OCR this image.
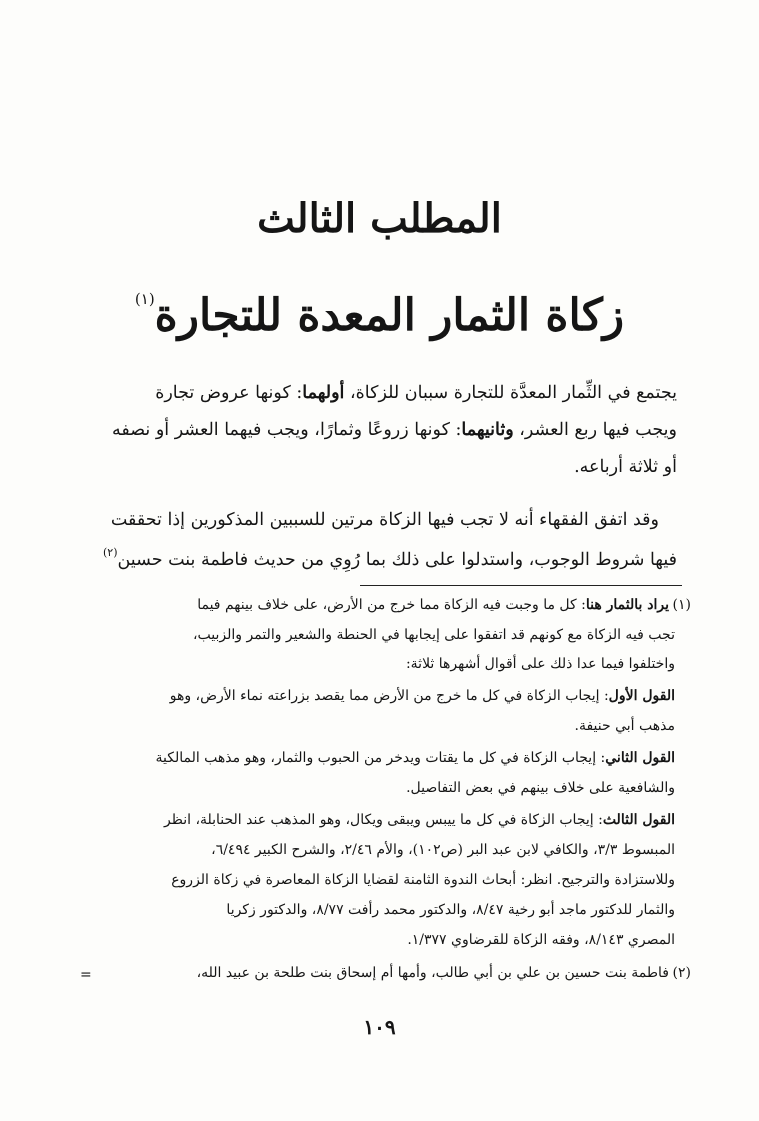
المطلب الثالث
زكاة الثمار المعدة للتجارة$^{(١)}$
يجتمع في الثِّمار المعدَّة للتجارة سببان للزكاة، أولهما: كونها عروض تجارة
ويجب فيها ربع العشر، وثانيهما: كونها زروعًا وثمارًا، ويجب فيهما العشر أو نصفه
أو ثلاثة أرباعه.
وقد اتفق الفقهاء أنه لا تجب فيها الزكاة مرتين للسببين المذكورين إذا تحققت
فيها شروط الوجوب، واستدلوا على ذلك بما رُوِي من حديث فاطمة بنت حسين$^{(٢)}$
(١)يراد بالثمار هنا: كل ما وجبت فيه الزكاة مما خرج من الأرض، على خلاف بينهم فيما
تجب فيه الزكاة مع كونهم قد اتفقوا على إيجابها في الحنطة والشعير والتمر والزبيب،
واختلفوا فيما عدا ذلك على أقوال أشهرها ثلاثة:
القول الأول: إيجاب الزكاة في كل ما خرج من الأرض مما يقصد بزراعته نماء الأرض، وهو
مذهب أبي حنيفة.
القول الثاني: إيجاب الزكاة في كل ما يقتات ويدخر من الحبوب والثمار، وهو مذهب المالكية
والشافعية على خلاف بينهم في بعض التفاصيل.
القول الثالث: إيجاب الزكاة في كل ما ييبس ويبقى ويكال، وهو المذهب عند الحنابلة، انظر
المبسوط ٣/٣، والكافي لابن عبد البر (ص١٠٢)، والأم ٢/٤٦، والشرح الكبير ٦/٤٩٤،
وللاستزادة والترجيح. انظر: أبحاث الندوة الثامنة لقضايا الزكاة المعاصرة في زكاة الزروع
والثمار للدكتور ماجد أبو رخية ٨/٤٧، والدكتور محمد رأفت ٨/٧٧، والدكتور زكريا
المصري ٨/١٤٣، وفقه الزكاة للقرضاوي ١/٣٧٧.
(٢)فاطمة بنت حسين بن علي بن أبي طالب، وأمها أم إسحاق بنت طلحة بن عبيد الله،
=
١٠٩
